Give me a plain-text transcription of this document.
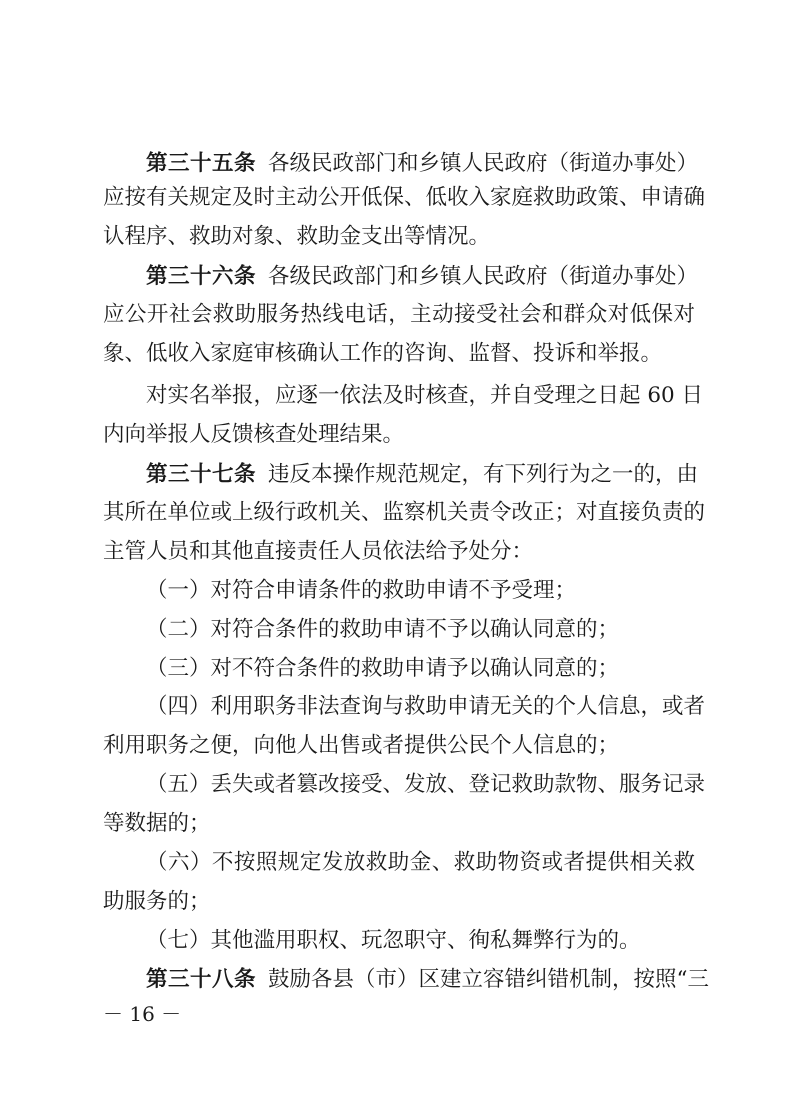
第三十五条 各级民政部门和乡镇人民政府（街道办事处）
应按有关规定及时主动公开低保、低收入家庭救助政策、申请确
认程序、救助对象、救助金支出等情况。
第三十六条 各级民政部门和乡镇人民政府（街道办事处）
应公开社会救助服务热线电话，主动接受社会和群众对低保对
象、低收入家庭审核确认工作的咨询、监督、投诉和举报。
对实名举报，应逐一依法及时核查，并自受理之日起 60 日
内向举报人反馈核查处理结果。
第三十七条 违反本操作规范规定，有下列行为之一的，由
其所在单位或上级行政机关、监察机关责令改正；对直接负责的
主管人员和其他直接责任人员依法给予处分：
（一）对符合申请条件的救助申请不予受理；
（二）对符合条件的救助申请不予以确认同意的；
（三）对不符合条件的救助申请予以确认同意的；
（四）利用职务非法查询与救助申请无关的个人信息，或者
利用职务之便，向他人出售或者提供公民个人信息的；
（五）丢失或者篡改接受、发放、登记救助款物、服务记录
等数据的；
（六）不按照规定发放救助金、救助物资或者提供相关救
助服务的；
（七）其他滥用职权、玩忽职守、徇私舞弊行为的。
第三十八条 鼓励各县（市）区建立容错纠错机制，按照“三
－ 16 －
